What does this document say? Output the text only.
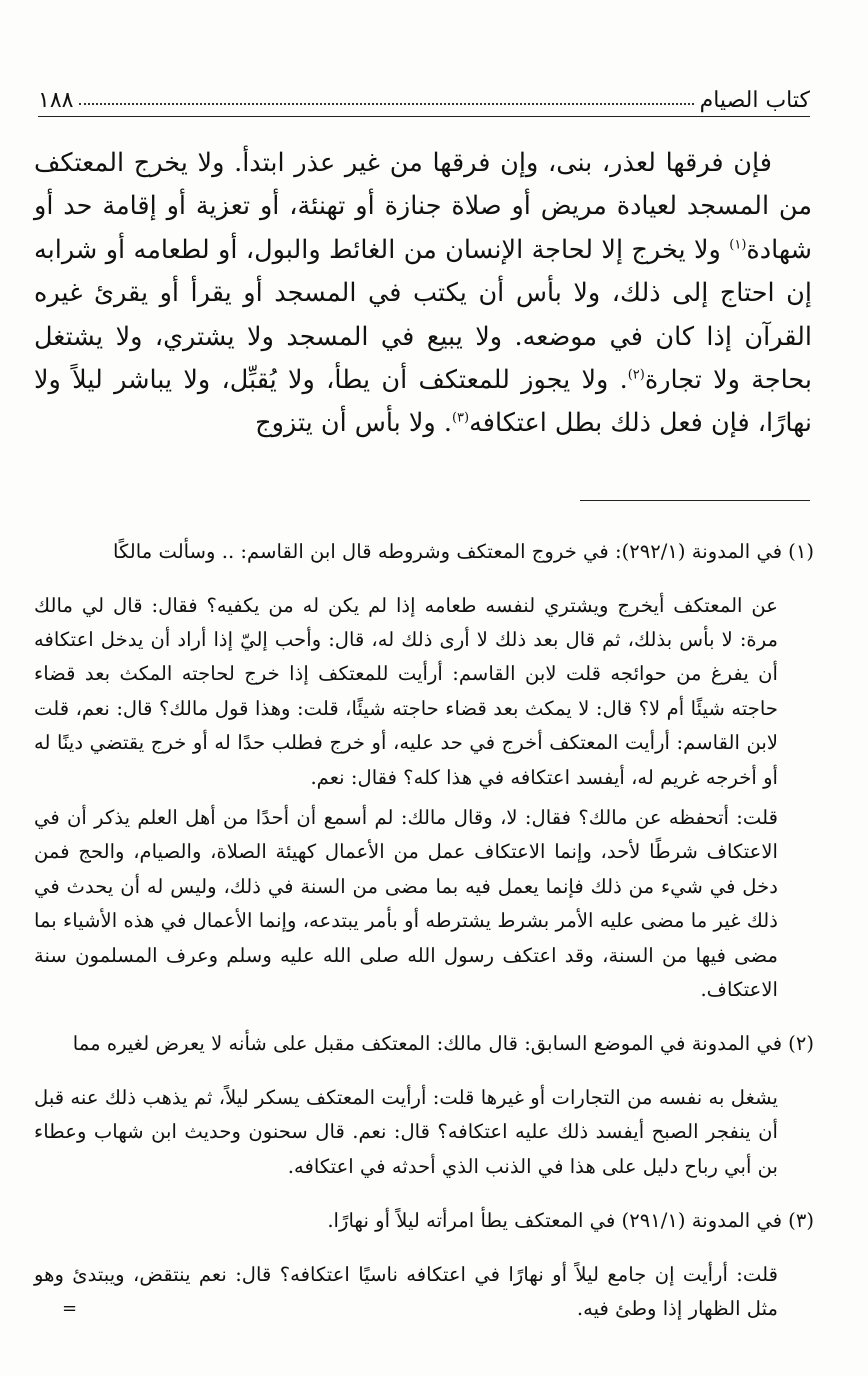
كتاب الصيام
١٨٨

فإن فرقها لعذر، بنى، وإن فرقها من غير عذر ابتدأ. ولا يخرج المعتكف من المسجد لعيادة مريض أو صلاة جنازة أو تهنئة، أو تعزية أو إقامة حد أو شهادة$^{(١)}$ ولا يخرج إلا لحاجة الإنسان من الغائط والبول، أو لطعامه أو شرابه إن احتاج إلى ذلك، ولا بأس أن يكتب في المسجد أو يقرأ أو يقرئ غيره القرآن إذا كان في موضعه. ولا يبيع في المسجد ولا يشتري، ولا يشتغل بحاجة ولا تجارة$^{(٢)}$. ولا يجوز للمعتكف أن يطأ، ولا يُقبِّل، ولا يباشر ليلاً ولا نهارًا، فإن فعل ذلك بطل اعتكافه$^{(٣)}$. ولا بأس أن يتزوج

(١)في المدونة (٢٩٢/١): في خروج المعتكف وشروطه قال ابن القاسم: .. وسألت مالكًا

عن المعتكف أيخرج ويشتري لنفسه طعامه إذا لم يكن له من يكفيه؟ فقال: قال لي مالك مرة: لا بأس بذلك، ثم قال بعد ذلك لا أرى ذلك له، قال: وأحب إليّ إذا أراد أن يدخل اعتكافه أن يفرغ من حوائجه قلت لابن القاسم: أرأيت للمعتكف إذا خرج لحاجته المكث بعد قضاء حاجته شيئًا أم لا؟ قال: لا يمكث بعد قضاء حاجته شيئًا، قلت: وهذا قول مالك؟ قال: نعم، قلت لابن القاسم: أرأيت المعتكف أخرج في حد عليه، أو خرج فطلب حدًا له أو خرج يقتضي دينًا له أو أخرجه غريم له، أيفسد اعتكافه في هذا كله؟ فقال: نعم.

قلت: أتحفظه عن مالك؟ فقال: لا، وقال مالك: لم أسمع أن أحدًا من أهل العلم يذكر أن في الاعتكاف شرطًا لأحد، وإنما الاعتكاف عمل من الأعمال كهيئة الصلاة، والصيام، والحج فمن دخل في شيء من ذلك فإنما يعمل فيه بما مضى من السنة في ذلك، وليس له أن يحدث في ذلك غير ما مضى عليه الأمر بشرط يشترطه أو بأمر يبتدعه، وإنما الأعمال في هذه الأشياء بما مضى فيها من السنة، وقد اعتكف رسول الله صلى الله عليه وسلم وعرف المسلمون سنة الاعتكاف.

(٢)في المدونة في الموضع السابق: قال مالك: المعتكف مقبل على شأنه لا يعرض لغيره مما

يشغل به نفسه من التجارات أو غيرها قلت: أرأيت المعتكف يسكر ليلاً، ثم يذهب ذلك عنه قبل أن ينفجر الصبح أيفسد ذلك عليه اعتكافه؟ قال: نعم. قال سحنون وحديث ابن شهاب وعطاء بن أبي رباح دليل على هذا في الذنب الذي أحدثه في اعتكافه.

(٣)في المدونة (٢٩١/١) في المعتكف يطأ امرأته ليلاً أو نهارًا.

قلت: أرأيت إن جامع ليلاً أو نهارًا في اعتكافه ناسيًا اعتكافه؟ قال: نعم ينتقض، ويبتدئ وهو مثل الظهار إذا وطئ فيه.

=
